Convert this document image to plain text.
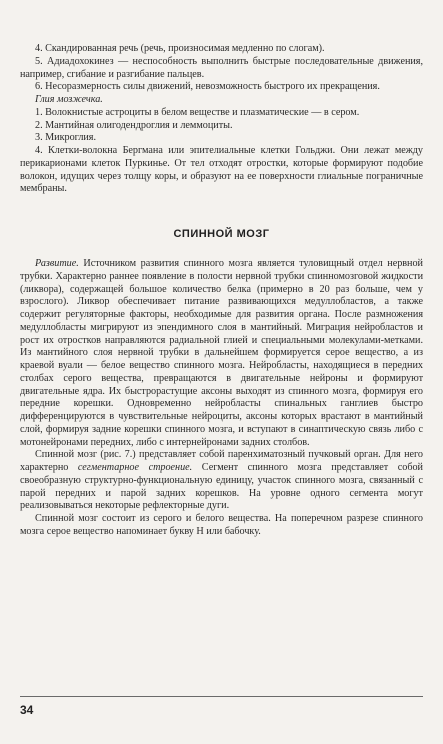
4. Скандированная речь (речь, произносимая медленно по слогам).

5. Адиадохокинез — неспособность выполнить быстрые последовательные движения, например, сгибание и разгибание пальцев.

6. Несоразмерность силы движений, невозможность быстрого их прекращения.

Глия мозжечка.

1. Волокнистые астроциты в белом веществе и плазматические — в сером.

2. Мантийная олигодендроглия и леммоциты.

3. Микроглия.

4. Клетки-волокна Бергмана или эпителиальные клетки Гольджи. Они лежат между перикарионами клеток Пуркинье. От тел отходят отростки, которые формируют подобие волокон, идущих через толщу коры, и образуют на ее поверхности глиальные пограничные мембраны.

СПИННОЙ МОЗГ

Развитие. Источником развития спинного мозга является туловищный отдел нервной трубки. Характерно раннее появление в полости нервной трубки спинномозговой жидкости (ликвора), содержащей большое количество белка (примерно в 20 раз больше, чем у взрослого). Ликвор обеспечивает питание развивающихся медуллобластов, а также содержит регуляторные факторы, необходимые для развития органа. После размножения медуллобласты мигрируют из эпендимного слоя в мантийный. Миграция нейробластов и рост их отростков направляются радиальной глией и специальными молекулами-метками. Из мантийного слоя нервной трубки в дальнейшем формируется серое вещество, а из краевой вуали — белое вещество спинного мозга. Нейробласты, находящиеся в передних столбах серого вещества, превращаются в двигательные нейроны и формируют двигательные ядра. Их быстрорастущие аксоны выходят из спинного мозга, формируя его передние корешки. Одновременно нейробласты спинальных ганглиев быстро дифференцируются в чувствительные нейроциты, аксоны которых врастают в мантийный слой, формируя задние корешки спинного мозга, и вступают в синаптическую связь либо с мотонейронами передних, либо с интернейронами задних столбов.

Спинной мозг (рис. 7.) представляет собой паренхиматозный пучковый орган. Для него характерно сегментарное строение. Сегмент спинного мозга представляет собой своеобразную структурно-функциональную единицу, участок спинного мозга, связанный с парой передних и парой задних корешков. На уровне одного сегмента могут реализовываться некоторые рефлекторные дуги.

Спинной мозг состоит из серого и белого вещества. На поперечном разрезе спинного мозга серое вещество напоминает букву Н или бабочку.

34
